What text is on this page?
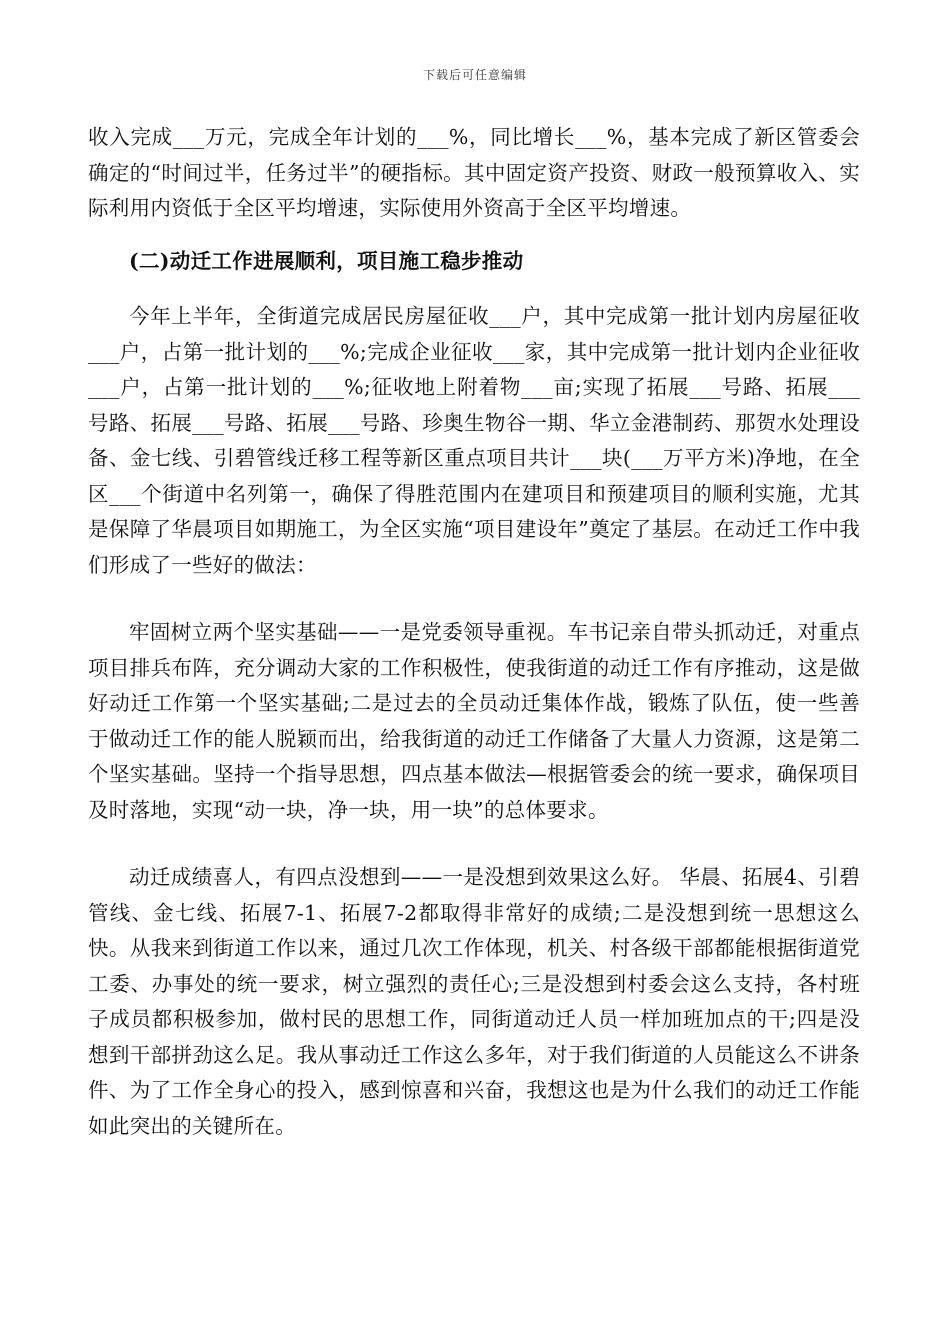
下载后可任意编辑

收入完成___万元，完成全年计划的___%，同比增长___%，基本完成了新区管委会确定的“时间过半，任务过半”的硬指标。其中固定资产投资、财政一般预算收入、实际利用内资低于全区平均增速，实际使用外资高于全区平均增速。

(二)动迁工作进展顺利，项目施工稳步推动

今年上半年，全街道完成居民房屋征收___户，其中完成第一批计划内房屋征收___户，占第一批计划的___%;完成企业征收___家，其中完成第一批计划内企业征收___户，占第一批计划的___%;征收地上附着物___亩;实现了拓展___号路、拓展___号路、拓展___号路、拓展___号路、珍奥生物谷一期、华立金港制药、那贺水处理设备、金七线、引碧管线迁移工程等新区重点项目共计___块(___万平方米)净地，在全区___个街道中名列第一，确保了得胜范围内在建项目和预建项目的顺利实施，尤其是保障了华晨项目如期施工，为全区实施“项目建设年”奠定了基层。在动迁工作中我们形成了一些好的做法：

牢固树立两个坚实基础——一是党委领导重视。车书记亲自带头抓动迁，对重点项目排兵布阵，充分调动大家的工作积极性，使我街道的动迁工作有序推动，这是做好动迁工作第一个坚实基础;二是过去的全员动迁集体作战，锻炼了队伍，使一些善于做动迁工作的能人脱颖而出，给我街道的动迁工作储备了大量人力资源，这是第二个坚实基础。坚持一个指导思想，四点基本做法—根据管委会的统一要求，确保项目及时落地，实现“动一块，净一块，用一块”的总体要求。

动迁成绩喜人，有四点没想到——一是没想到效果这么好。 华晨、拓展4、引碧管线、金七线、拓展7-1、拓展7-2都取得非常好的成绩;二是没想到统一思想这么快。从我来到街道工作以来，通过几次工作体现，机关、村各级干部都能根据街道党工委、办事处的统一要求，树立强烈的责任心;三是没想到村委会这么支持，各村班子成员都积极参加，做村民的思想工作，同街道动迁人员一样加班加点的干;四是没想到干部拼劲这么足。我从事动迁工作这么多年，对于我们街道的人员能这么不讲条件、为了工作全身心的投入，感到惊喜和兴奋，我想这也是为什么我们的动迁工作能如此突出的关键所在。
